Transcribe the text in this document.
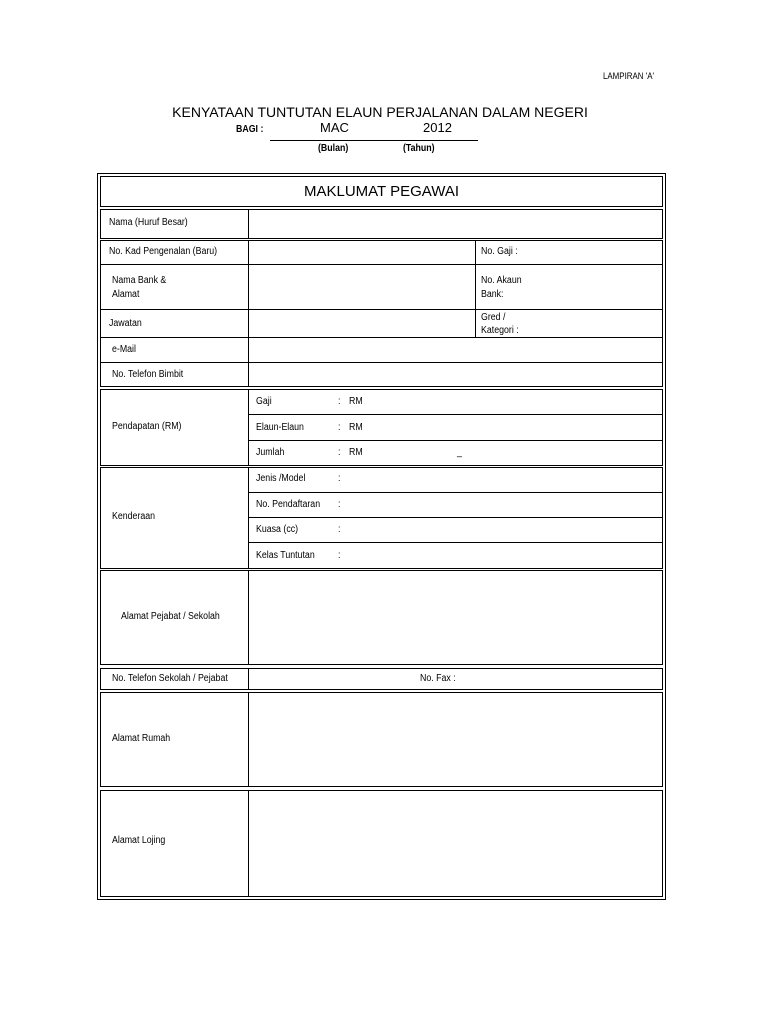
LAMPIRAN 'A'
KENYATAAN TUNTUTAN ELAUN PERJALANAN DALAM NEGERI
BAGI :	MAC	2012
(Bulan)	(Tahun)
MAKLUMAT PEGAWAI
Nama (Huruf Besar)
No. Kad Pengenalan (Baru)	No. Gaji :
Nama Bank &
Alamat
No. Akaun
Bank:
Jawatan
Gred /
Kategori :
e-Mail
No. Telefon Bimbit
Pendapatan (RM)
Gaji	: RM
Elaun-Elaun	: RM
Jumlah	: RM	_
Kenderaan
Jenis /Model	:
No. Pendaftaran :
Kuasa (cc)	:
Kelas Tuntutan :
Alamat Pejabat / Sekolah
No. Telefon Sekolah / Pejabat	No. Fax :
Alamat Rumah
Alamat Lojing
